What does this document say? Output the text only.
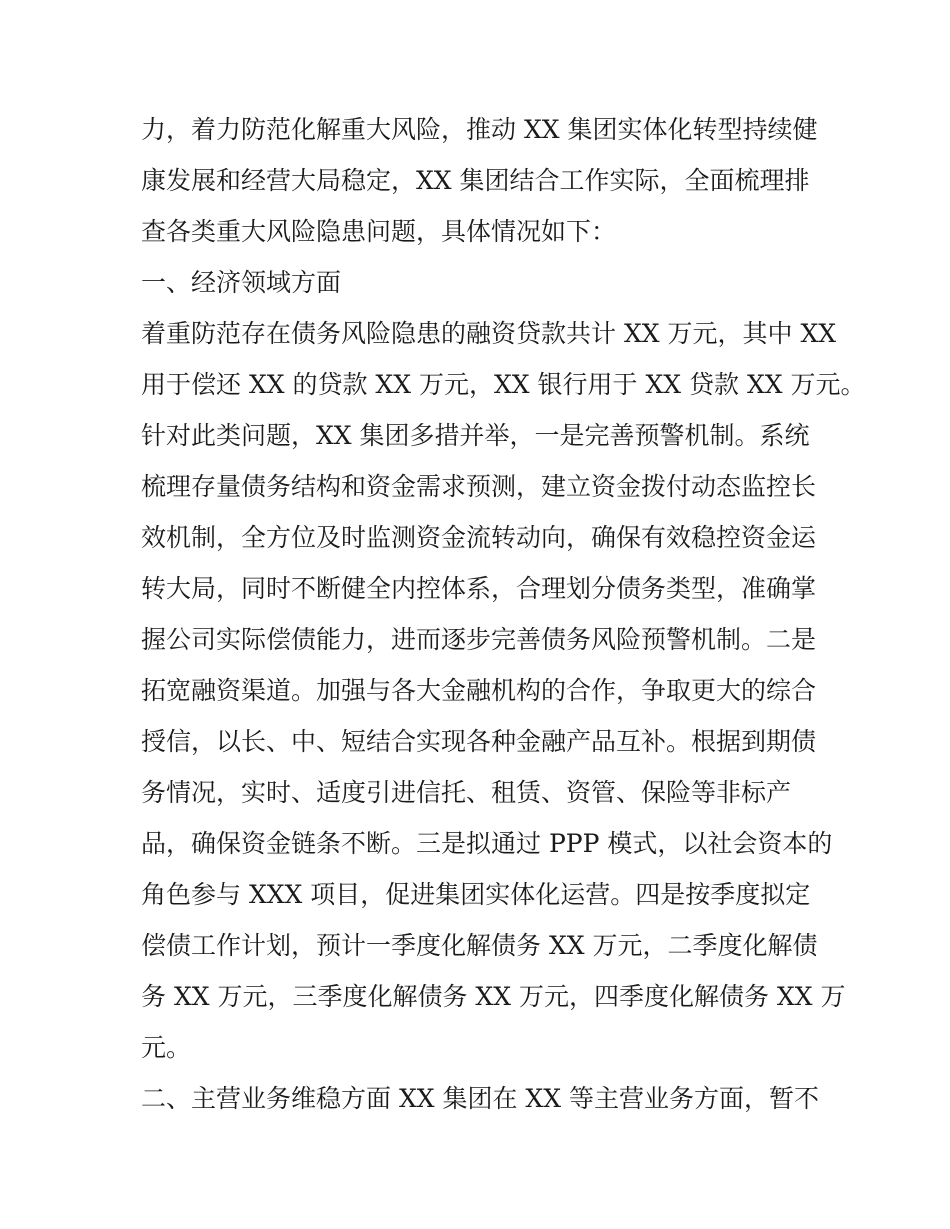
力，着力防范化解重大风险，推动 XX 集团实体化转型持续健
康发展和经营大局稳定，XX 集团结合工作实际，全面梳理排
查各类重大风险隐患问题，具体情况如下：
一、经济领域方面
着重防范存在债务风险隐患的融资贷款共计 XX 万元，其中 XX
用于偿还 XX 的贷款 XX 万元，XX 银行用于 XX 贷款 XX 万元。
针对此类问题，XX 集团多措并举，一是完善预警机制。系统
梳理存量债务结构和资金需求预测，建立资金拨付动态监控长
效机制，全方位及时监测资金流转动向，确保有效稳控资金运
转大局，同时不断健全内控体系，合理划分债务类型，准确掌
握公司实际偿债能力，进而逐步完善债务风险预警机制。二是
拓宽融资渠道。加强与各大金融机构的合作，争取更大的综合
授信，以长、中、短结合实现各种金融产品互补。根据到期债
务情况，实时、适度引进信托、租赁、资管、保险等非标产
品，确保资金链条不断。三是拟通过 PPP 模式，以社会资本的
角色参与 XXX 项目，促进集团实体化运营。四是按季度拟定
偿债工作计划，预计一季度化解债务 XX 万元，二季度化解债
务 XX 万元，三季度化解债务 XX 万元，四季度化解债务 XX 万
元。
二、主营业务维稳方面 XX 集团在 XX 等主营业务方面，暂不
